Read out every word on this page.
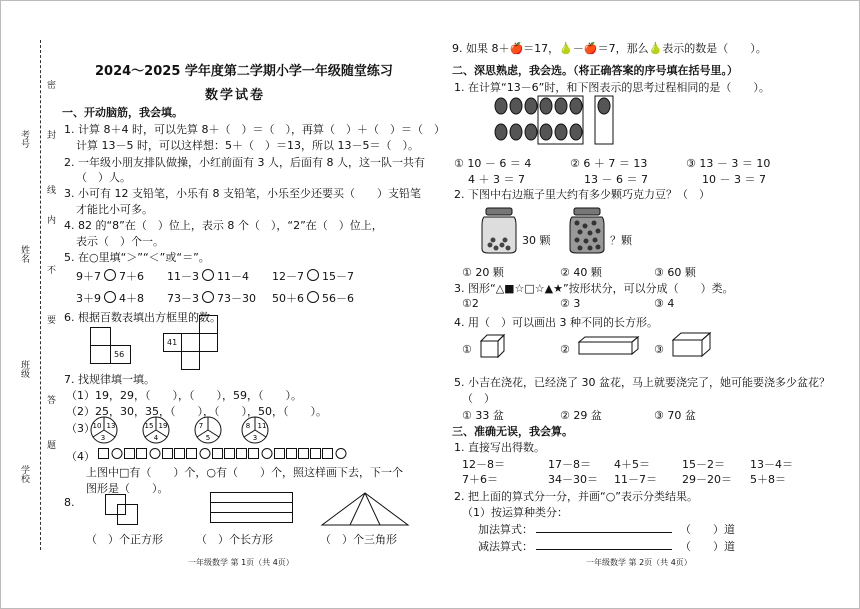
考号
姓名
班级
学校
密
封
线
内
不
要
答
题
2024～2025 学年度第二学期小学一年级随堂练习
数学试卷
一、开动脑筋，我会填。
1. 计算 8＋4 时，可以先算 8＋（　）＝（　），再算（　）＋（　）＝（　）
计算 13－5 时，可以这样想：5＋（　）＝13，所以 13－5＝（　）。
2. 一年级小朋友排队做操，小红前面有 3 人，后面有 8 人，这一队一共有
（　）人。
3. 小可有 12 支铅笔，小乐有 8 支铅笔，小乐至少还要买（　　）支铅笔
才能比小可多。
4. 82 的“8”在（　）位上，表示 8 个（　），“2”在（　）位上，
表示（　）个一。
5. 在○里填“＞”“＜”或“＝”。
9＋7 7＋6 11－3 11－4 12－7 15－7
3＋9 4＋8 73－3 73－30 50＋6 56－6
6. 根据百数表填出方框里的数。
56
41
7. 找规律填一填。
（1）19，29，（　　），（　　），59，（　　）。
（2）25，30，35，（　　），（　　），50，（　　）。
（3）
3
10 13
4
15 19
5
7
3
8 11
（4）
上图中□有（　　）个，○有（　　）个，照这样画下去，下一个
图形是（　　）。
8.
（　）个正方形	（　）个长方形	（　）个三角形
一年级数学 第 1页（共 4页）
9. 如果 8＋🍎＝17，🍐－🍎＝7，那么🍐表示的数是（　　）。
二、深思熟虑，我会选。（将正确答案的序号填在括号里。）
1. 在计算“13－6”时，和下图表示的思考过程相同的是（　　）。
① 10 － 6 ＝ 4	② 6 ＋ 7 ＝ 13	③ 13 － 3 ＝ 10
4 ＋ 3 ＝ 7	13 － 6 ＝ 7	10 － 3 ＝ 7
2. 下图中右边瓶子里大约有多少颗巧克力豆？（　）
30 颗	？颗
① 20 颗	② 40 颗	③ 60 颗
3. 图形“△■☆□☆▲★”按形状分，可以分成（　　）类。
①2	② 3	③ 4
4. 用（　）可以画出 3 种不同的长方形。
①	②	③
5. 小吉在浇花，已经浇了 30 盆花，马上就要浇完了，她可能要浇多少盆花？
（　）
① 33 盆	② 29 盆	③ 70 盆
三、准确无误，我会算。
1. 直接写出得数。
12－8＝	17－8＝ 4＋5＝	15－2＝ 13－4＝
7＋6＝	34－30＝ 11－7＝ 29－20＝ 5＋8＝
2. 把上面的算式分一分，并画“○”表示分类结果。
（1）按运算种类分：
加法算式：	（　　）道
减法算式：	（　　）道
一年级数学 第 2页（共 4页）
